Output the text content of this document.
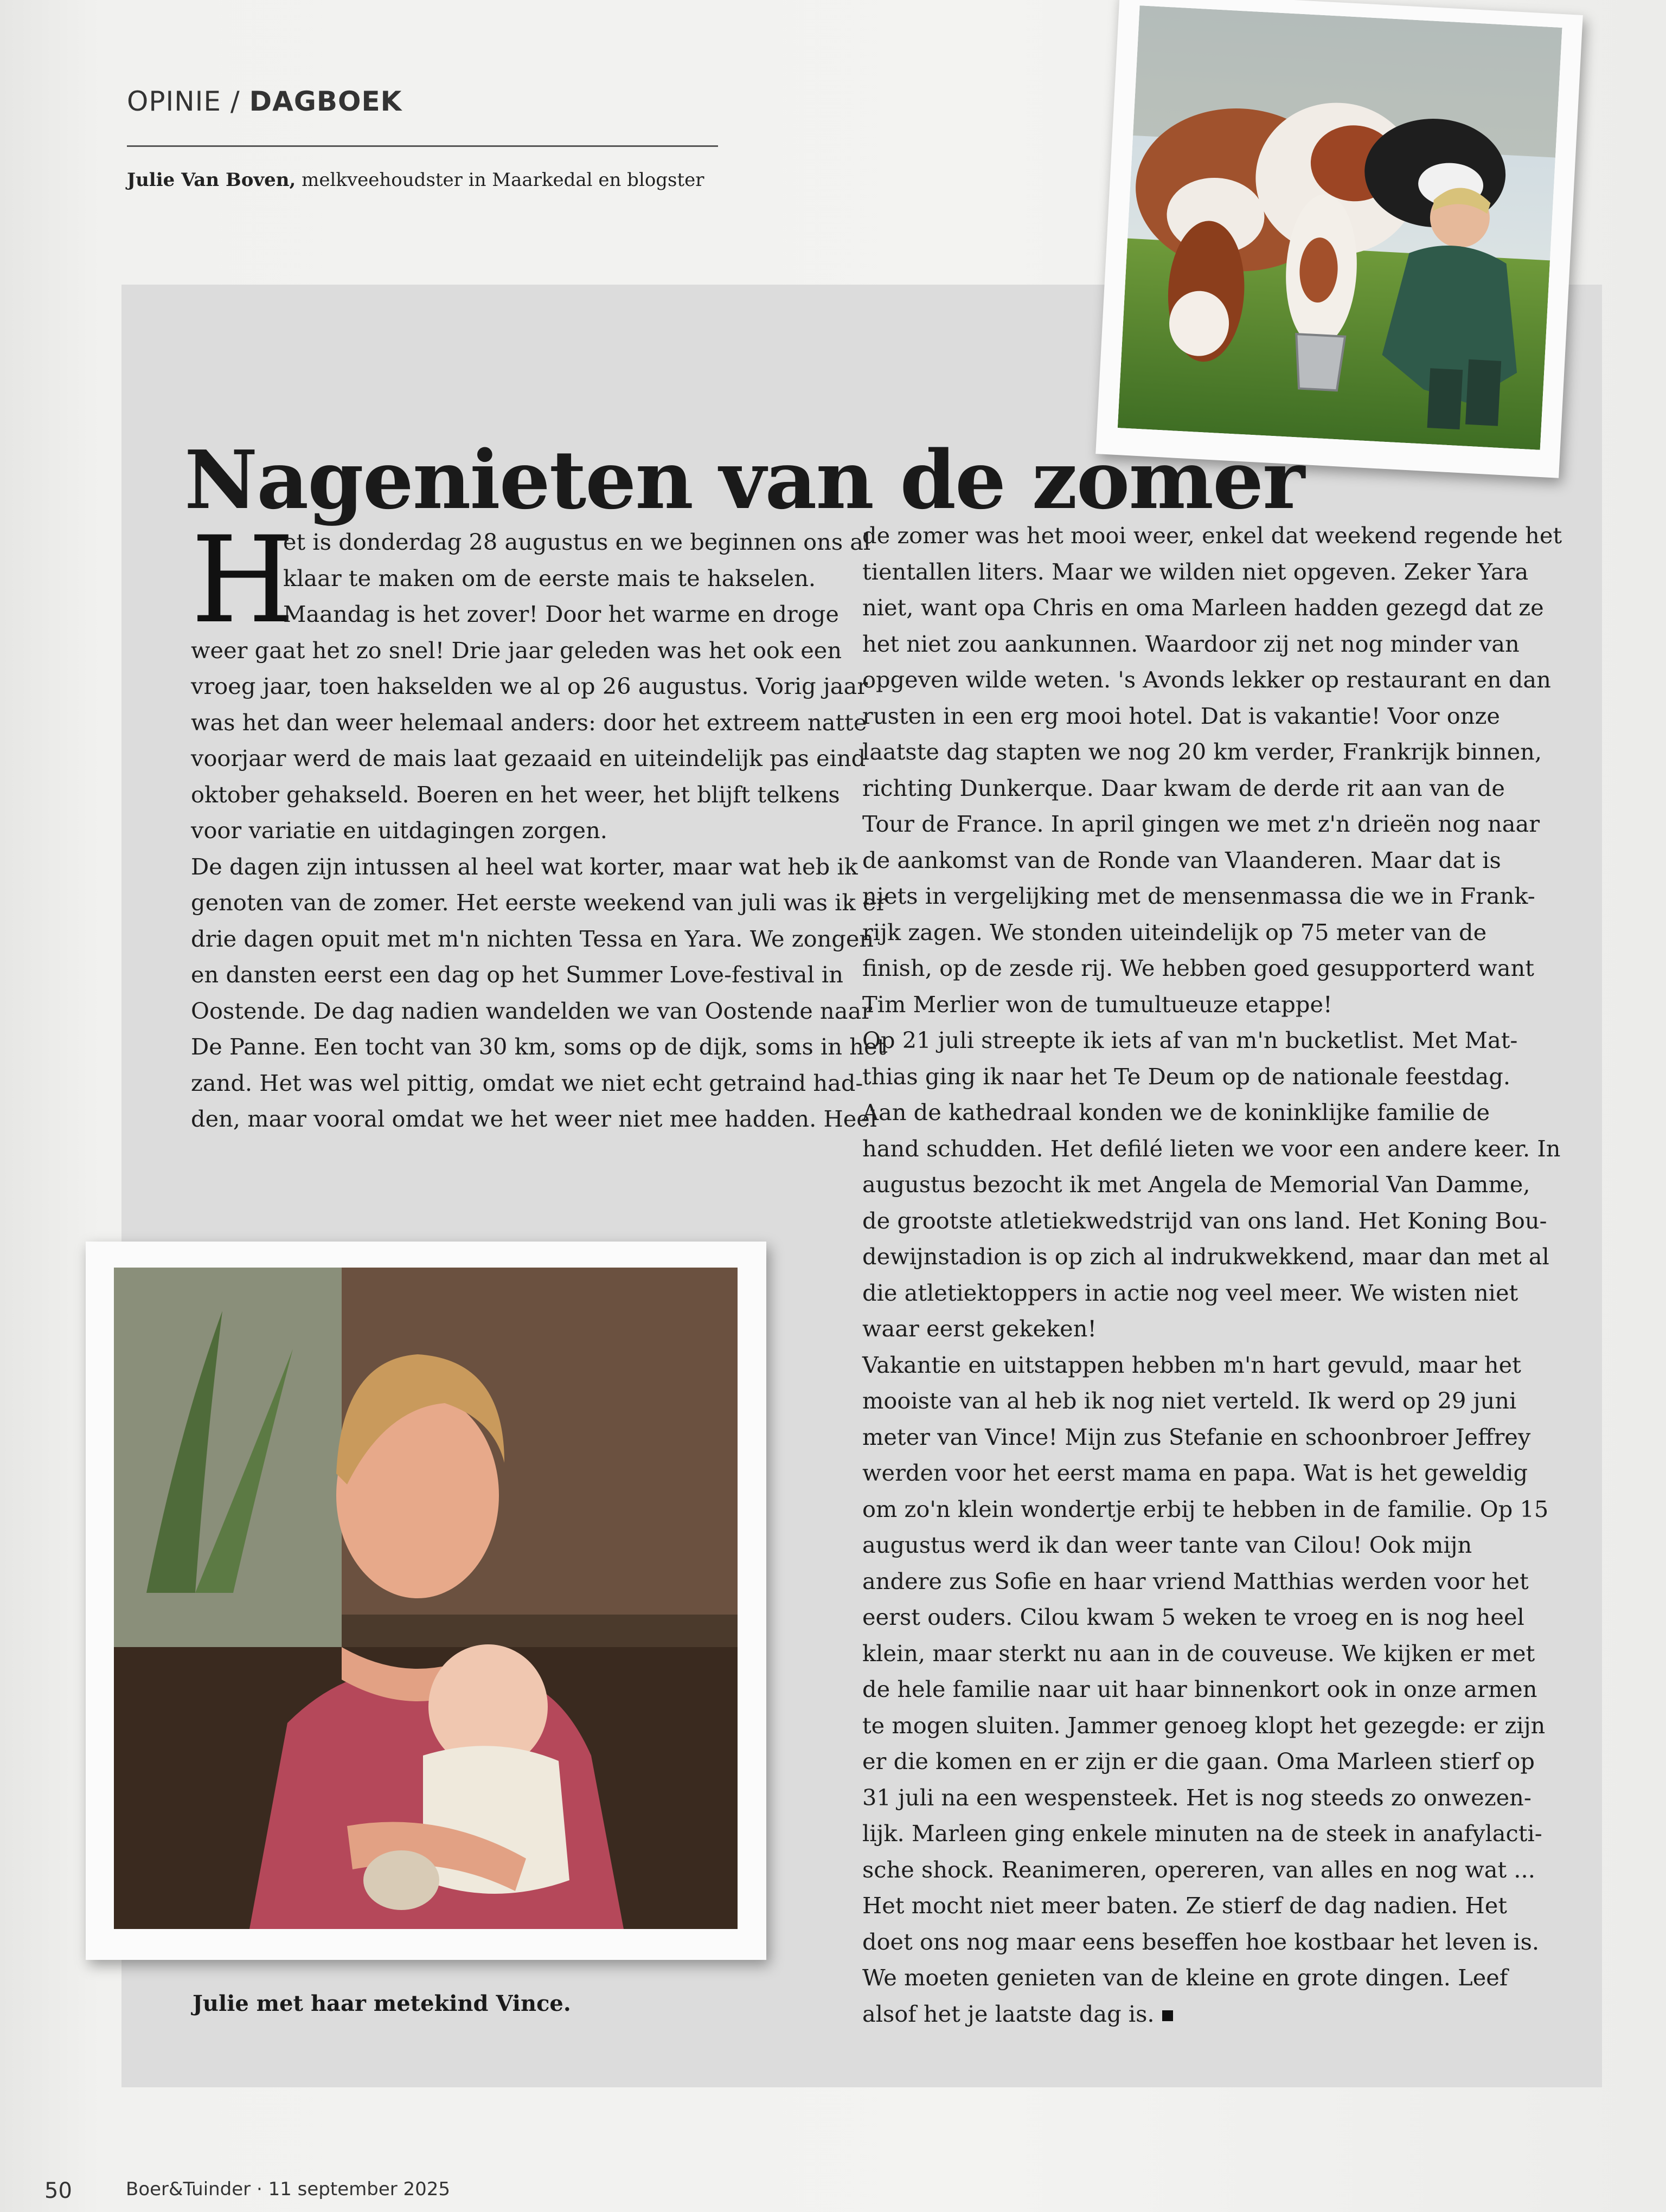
OPINIE / DAGBOEK
Julie Van Boven, melkveehoudster in Maarkedal en blogster
Nagenieten van de zomer
H
et is donderdag 28 augustus en we beginnen ons al
klaar te maken om de eerste mais te hakselen.
Maandag is het zover! Door het warme en droge
weer gaat het zo snel! Drie jaar geleden was het ook een
vroeg jaar, toen hakselden we al op 26 augustus. Vorig jaar
was het dan weer helemaal anders: door het extreem natte
voorjaar werd de mais laat gezaaid en uiteindelijk pas eind
oktober gehakseld. Boeren en het weer, het blijft telkens
voor variatie en uitdagingen zorgen.
De dagen zijn intussen al heel wat korter, maar wat heb ik
genoten van de zomer. Het eerste weekend van juli was ik er
drie dagen opuit met m'n nichten Tessa en Yara. We zongen
en dansten eerst een dag op het Summer Love-festival in
Oostende. De dag nadien wandelden we van Oostende naar
De Panne. Een tocht van 30 km, soms op de dijk, soms in het
zand. Het was wel pittig, omdat we niet echt getraind had-
den, maar vooral omdat we het weer niet mee hadden. Heel
de zomer was het mooi weer, enkel dat weekend regende het
tientallen liters. Maar we wilden niet opgeven. Zeker Yara
niet, want opa Chris en oma Marleen hadden gezegd dat ze
het niet zou aankunnen. Waardoor zij net nog minder van
opgeven wilde weten. 's Avonds lekker op restaurant en dan
rusten in een erg mooi hotel. Dat is vakantie! Voor onze
laatste dag stapten we nog 20 km verder, Frankrijk binnen,
richting Dunkerque. Daar kwam de derde rit aan van de
Tour de France. In april gingen we met z'n drieën nog naar
de aankomst van de Ronde van Vlaanderen. Maar dat is
niets in vergelijking met de mensenmassa die we in Frank-
rijk zagen. We stonden uiteindelijk op 75 meter van de
finish, op de zesde rij. We hebben goed gesupporterd want
Tim Merlier won de tumultueuze etappe!
Op 21 juli streepte ik iets af van m'n bucketlist. Met Mat-
thias ging ik naar het Te Deum op de nationale feestdag.
Aan de kathedraal konden we de koninklijke familie de
hand schudden. Het defilé lieten we voor een andere keer. In
augustus bezocht ik met Angela de Memorial Van Damme,
de grootste atletiekwedstrijd van ons land. Het Koning Bou-
dewijnstadion is op zich al indrukwekkend, maar dan met al
die atletiektoppers in actie nog veel meer. We wisten niet
waar eerst gekeken!
Vakantie en uitstappen hebben m'n hart gevuld, maar het
mooiste van al heb ik nog niet verteld. Ik werd op 29 juni
meter van Vince! Mijn zus Stefanie en schoonbroer Jeffrey
werden voor het eerst mama en papa. Wat is het geweldig
om zo'n klein wondertje erbij te hebben in de familie. Op 15
augustus werd ik dan weer tante van Cilou! Ook mijn
andere zus Sofie en haar vriend Matthias werden voor het
eerst ouders. Cilou kwam 5 weken te vroeg en is nog heel
klein, maar sterkt nu aan in de couveuse. We kijken er met
de hele familie naar uit haar binnenkort ook in onze armen
te mogen sluiten. Jammer genoeg klopt het gezegde: er zijn
er die komen en er zijn er die gaan. Oma Marleen stierf op
31 juli na een wespensteek. Het is nog steeds zo onwezen-
lijk. Marleen ging enkele minuten na de steek in anafylacti-
sche shock. Reanimeren, opereren, van alles en nog wat ...
Het mocht niet meer baten. Ze stierf de dag nadien. Het
doet ons nog maar eens beseffen hoe kostbaar het leven is.
We moeten genieten van de kleine en grote dingen. Leef
alsof het je laatste dag is.
Julie met haar metekind Vince.
50	Boer&Tuinder · 11 september 2025
